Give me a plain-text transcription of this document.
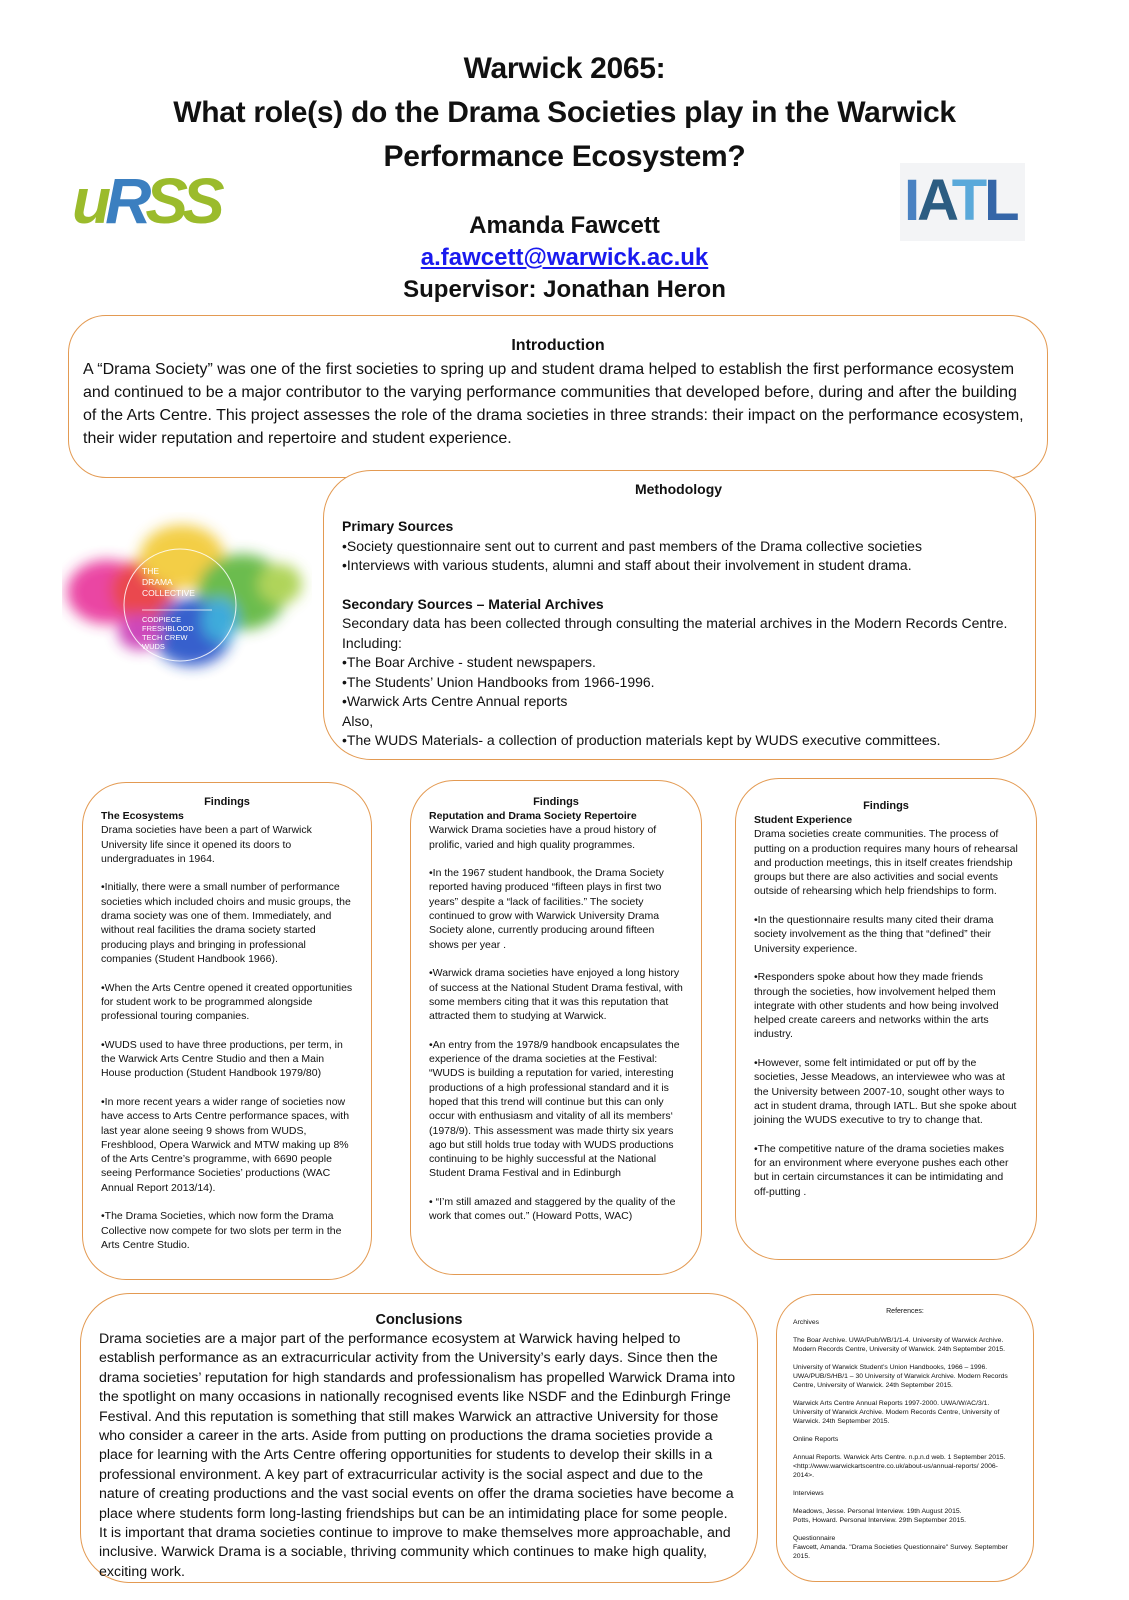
Warwick 2065:
What role(s) do the Drama Societies play in the Warwick
Performance Ecosystem?
uRSS	IATL
Amanda Fawcett
a.fawcett@warwick.ac.uk
Supervisor: Jonathan Heron
Introduction

A “Drama Society” was one of the first societies to spring up and student drama helped to establish the first performance ecosystem and continued to be a major contributor to the varying performance communities that developed before, during and after the building of the Arts Centre. This project assesses the role of the drama societies in three strands: their impact on the performance ecosystem, their wider reputation and repertoire and student experience.

THE
DRAMA
COLLECTIVE
CODPIECE
FRESHBLOOD
TECH CREW
WUDS
Methodology
Primary Sources
•Society questionnaire sent out to current and past members of the Drama collective societies
•Interviews with various students, alumni and staff about their involvement in student drama.
Secondary Sources – Material Archives
Secondary data has been collected through consulting the material archives in the Modern Records Centre. Including:
•The Boar Archive - student newspapers.
•The Students’ Union Handbooks from 1966-1996.
•Warwick Arts Centre Annual reports
Also,
•The WUDS Materials- a collection of production materials kept by WUDS executive committees.
Findings
The Ecosystems

Drama societies have been a part of Warwick University life since it opened its doors to undergraduates in 1964.

•Initially, there were a small number of performance societies which included choirs and music groups, the drama society was one of them. Immediately, and without real facilities the drama society started producing plays and bringing in professional companies (Student Handbook 1966).

•When the Arts Centre opened it created opportunities for student work to be programmed alongside professional touring companies.

•WUDS used to have three productions, per term, in the Warwick Arts Centre Studio and then a Main House production (Student Handbook 1979/80)

•In more recent years a wider range of societies now have access to Arts Centre performance spaces, with last year alone seeing 9 shows from WUDS, Freshblood, Opera Warwick and MTW making up 8% of the Arts Centre’s programme, with 6690 people seeing Performance Societies’ productions (WAC Annual Report 2013/14).

•The Drama Societies, which now form the Drama Collective now compete for two slots per term in the Arts Centre Studio.

Findings
Reputation and Drama Society Repertoire

Warwick Drama societies have a proud history of prolific, varied and high quality programmes.

•In the 1967 student handbook, the Drama Society reported having produced “fifteen plays in first two years” despite a “lack of facilities.” The society continued to grow with Warwick University Drama Society alone, currently producing around fifteen shows per year .

•Warwick drama societies have enjoyed a long history of success at the National Student Drama festival, with some members citing that it was this reputation that attracted them to studying at Warwick.

•An entry from the 1978/9 handbook encapsulates the experience of the drama societies at the Festival: “WUDS is building a reputation for varied, interesting productions of a high professional standard and it is hoped that this trend will continue but this can only occur with enthusiasm and vitality of all its members‘ (1978/9). This assessment was made thirty six years ago but still holds true today with WUDS productions continuing to be highly successful at the National Student Drama Festival and in Edinburgh

• “I’m still amazed and staggered by the quality of the work that comes out.” (Howard Potts, WAC)

Findings
Student Experience

Drama societies create communities. The process of putting on a production requires many hours of rehearsal and production meetings, this in itself creates friendship groups but there are also activities and social events outside of rehearsing which help friendships to form.

•In the questionnaire results many cited their drama society involvement as the thing that “defined” their University experience.

•Responders spoke about how they made friends through the societies, how involvement helped them integrate with other students and how being involved helped create careers and networks within the arts industry.

•However, some felt intimidated or put off by the societies, Jesse Meadows, an interviewee who was at the University between 2007-10, sought other ways to act in student drama, through IATL. But she spoke about joining the WUDS executive to try to change that.

•The competitive nature of the drama societies makes for an environment where everyone pushes each other but in certain circumstances it can be intimidating and off-putting .

Conclusions

Drama societies are a major part of the performance ecosystem at Warwick having helped to establish performance as an extracurricular activity from the University’s early days. Since then the drama societies’ reputation for high standards and professionalism has propelled Warwick Drama into the spotlight on many occasions in nationally recognised events like NSDF and the Edinburgh Fringe Festival. And this reputation is something that still makes Warwick an attractive University for those who consider a career in the arts. Aside from putting on productions the drama societies provide a place for learning with the Arts Centre offering opportunities for students to develop their skills in a professional environment. A key part of extracurricular activity is the social aspect and due to the nature of creating productions and the vast social events on offer the drama societies have become a place where students form long-lasting friendships but can be an intimidating place for some people. It is important that drama societies continue to improve to make themselves more approachable, and inclusive. Warwick Drama is a sociable, thriving community which continues to make high quality, exciting work.

References:
Archives
The Boar Archive. UWA/Pub/WB/1/1-4. University of Warwick Archive. Modern Records Centre, University of Warwick. 24th September 2015.
University of Warwick Student’s Union Handbooks, 1966 – 1996. UWA/PUB/S/HB/1 – 30 University of Warwick Archive. Modern Records Centre, University of Warwick. 24th September 2015.
Warwick Arts Centre Annual Reports 1997-2000. UWA/W/AC/3/1. University of Warwick Archive. Modern Records Centre, University of Warwick. 24th September 2015.
Online Reports
Annual Reports. Warwick Arts Centre. n.p.n.d web. 1 September 2015. <http://www.warwickartscentre.co.uk/about-us/annual-reports/ 2006-2014>.
Interviews
Meadows, Jesse. Personal Interview. 19th August 2015.
Potts, Howard. Personal Interview. 29th September 2015.
Questionnaire
Fawcett, Amanda. "Drama Societies Questionnaire" Survey. September 2015.
